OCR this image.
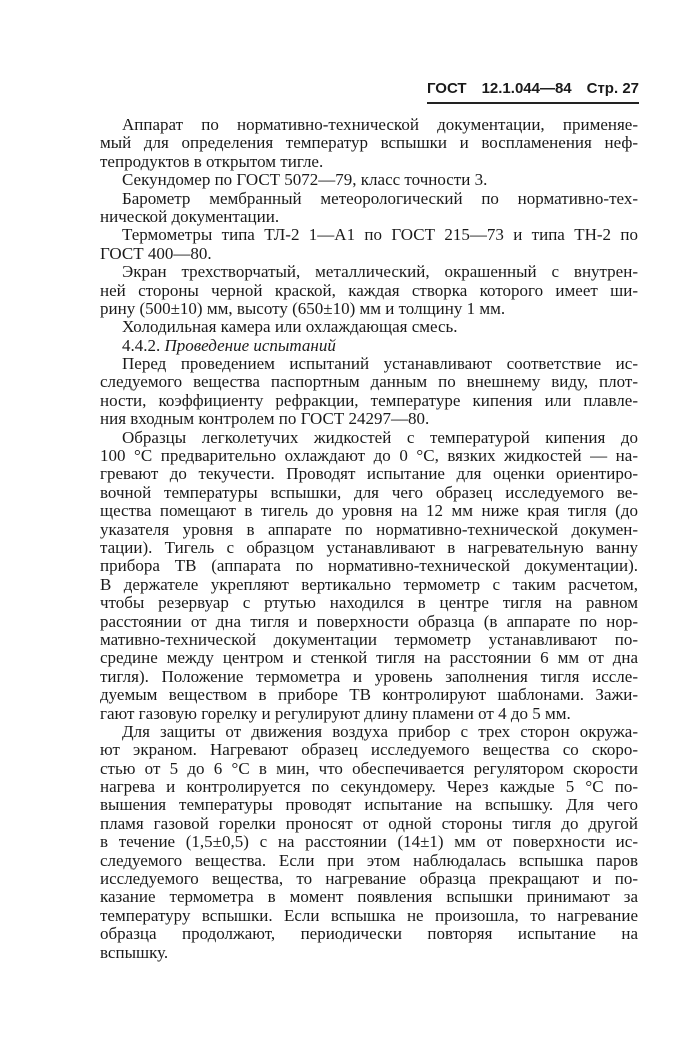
ГОСТ 12.1.044—84 Стр. 27
Аппарат по нормативно-технической документации, применяе-
мый для определения температур вспышки и воспламенения неф-
тепродуктов в открытом тигле.
Секундомер по ГОСТ 5072—79, класс точности 3.
Барометр мембранный метеорологический по нормативно-тех-
нической документации.
Термометры типа ТЛ-2 1—А1 по ГОСТ 215—73 и типа ТН-2 по
ГОСТ 400—80.
Экран трехстворчатый, металлический, окрашенный с внутрен-
ней стороны черной краской, каждая створка которого имеет ши-
рину (500±10) мм, высоту (650±10) мм и толщину 1 мм.
Холодильная камера или охлаждающая смесь.
4.4.2. Проведение испытаний
Перед проведением испытаний устанавливают соответствие ис-
следуемого вещества паспортным данным по внешнему виду, плот-
ности, коэффициенту рефракции, температуре кипения или плавле-
ния входным контролем по ГОСТ 24297—80.
Образцы легколетучих жидкостей с температурой кипения до
100 °C предварительно охлаждают до 0 °C, вязких жидкостей — на-
гревают до текучести. Проводят испытание для оценки ориентиро-
вочной температуры вспышки, для чего образец исследуемого ве-
щества помещают в тигель до уровня на 12 мм ниже края тигля (до
указателя уровня в аппарате по нормативно-технической докумен-
тации). Тигель с образцом устанавливают в нагревательную ванну
прибора ТВ (аппарата по нормативно-технической документации).
В держателе укрепляют вертикально термометр с таким расчетом,
чтобы резервуар с ртутью находился в центре тигля на равном
расстоянии от дна тигля и поверхности образца (в аппарате по нор-
мативно-технической документации термометр устанавливают по-
средине между центром и стенкой тигля на расстоянии 6 мм от дна
тигля). Положение термометра и уровень заполнения тигля иссле-
дуемым веществом в приборе ТВ контролируют шаблонами. Зажи-
гают газовую горелку и регулируют длину пламени от 4 до 5 мм.
Для защиты от движения воздуха прибор с трех сторон окружа-
ют экраном. Нагревают образец исследуемого вещества со скоро-
стью от 5 до 6 °C в мин, что обеспечивается регулятором скорости
нагрева и контролируется по секундомеру. Через каждые 5 °C по-
вышения температуры проводят испытание на вспышку. Для чего
пламя газовой горелки проносят от одной стороны тигля до другой
в течение (1,5±0,5) с на расстоянии (14±1) мм от поверхности ис-
следуемого вещества. Если при этом наблюдалась вспышка паров
исследуемого вещества, то нагревание образца прекращают и по-
казание термометра в момент появления вспышки принимают за
температуру вспышки. Если вспышка не произошла, то нагревание
образца продолжают, периодически повторяя испытание на
вспышку.
